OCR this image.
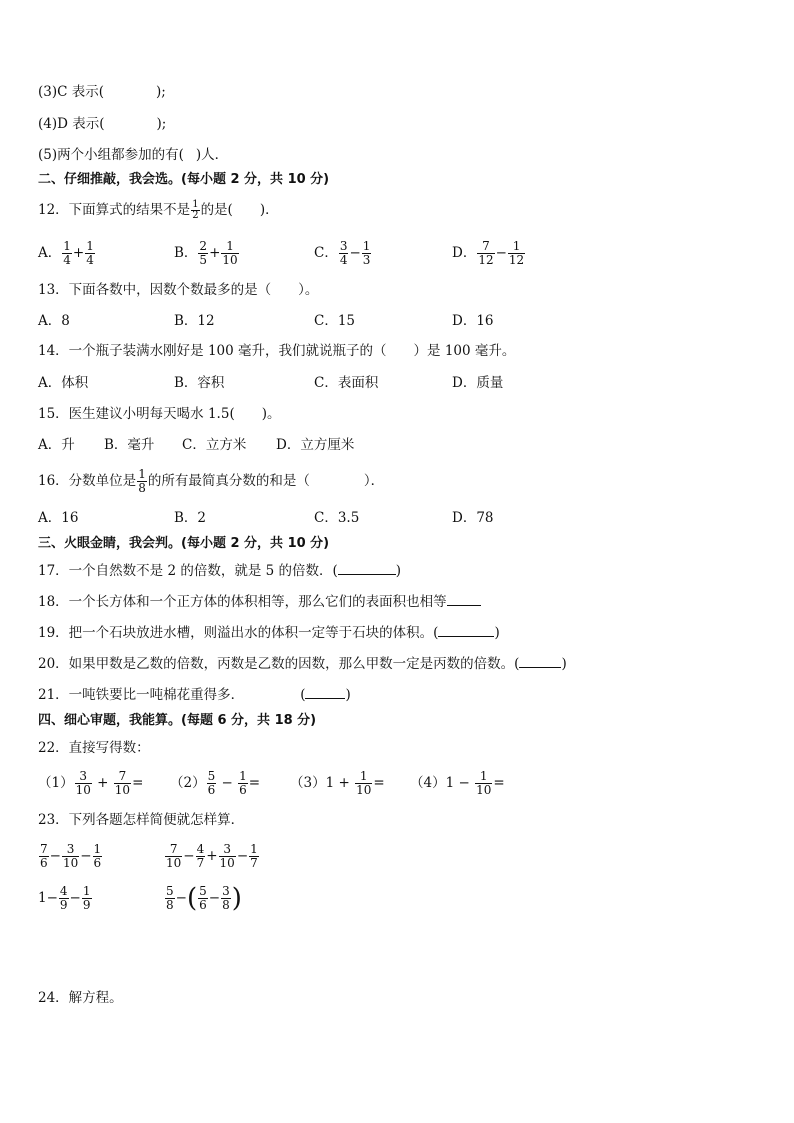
(3)C 表示(	);
(4)D 表示(	);
(5)两个小组都参加的有( )人．
二、仔细推敲，我会选。(每小题 2 分，共 10 分)
12．下面算式的结果不是 $\frac{1}{2}$ 的是(　　)．
A． $\frac{1}{4} + \frac{1}{4}$	B． $\frac{2}{5} + \frac{1}{10}$	C． $\frac{3}{4} - \frac{1}{3}$	D． $\frac{7}{12} - \frac{1}{12}$
13．下面各数中，因数个数最多的是（　　）。
A．8	B．12	C．15	D．16
14．一个瓶子装满水刚好是 100 毫升，我们就说瓶子的（　　）是 100 毫升。
A．体积	B．容积	C．表面积	D．质量
15．医生建议小明每天喝水 1.5(　　)。
A．升 B．毫升 C．立方米 D．立方厘米
16．分数单位是 $\frac{1}{8}$ 的所有最简真分数的和是（　　　　）．
A．16	B．2	C．3.5	D．78
三、火眼金睛，我会判。(每小题 2 分，共 10 分)
17．一个自然数不是 2 的倍数，就是 5 的倍数．(	)
18．一个长方体和一个正方体的体积相等，那么它们的表面积也相等
19．把一个石块放进水槽，则溢出水的体积一定等于石块的体积。(	)
20．如果甲数是乙数的倍数，丙数是乙数的因数，那么甲数一定是丙数的倍数。(	)
21．一吨铁要比一吨棉花重得多．	(	)
四、细心审题，我能算。(每题 6 分，共 18 分)
22．直接写得数：
$(1) \frac{3}{10} + \frac{7}{10} = (2) \frac{5}{6} - \frac{1}{6} = (3)1 + \frac{1}{10} = (4)1 - \frac{1}{10}$ =
23．下列各题怎样简便就怎样算．
$\frac{7}{6} - \frac{3}{10} - \frac{1}{6}$	$\frac{7}{10} - \frac{4}{7} + \frac{3}{10} - \frac{1}{7}$
$1- \frac{4}{9} - \frac{1}{9}$	$\frac{5}{8}$ −( $\frac{5}{6} - \frac{3}{8}$ )
24．解方程。
